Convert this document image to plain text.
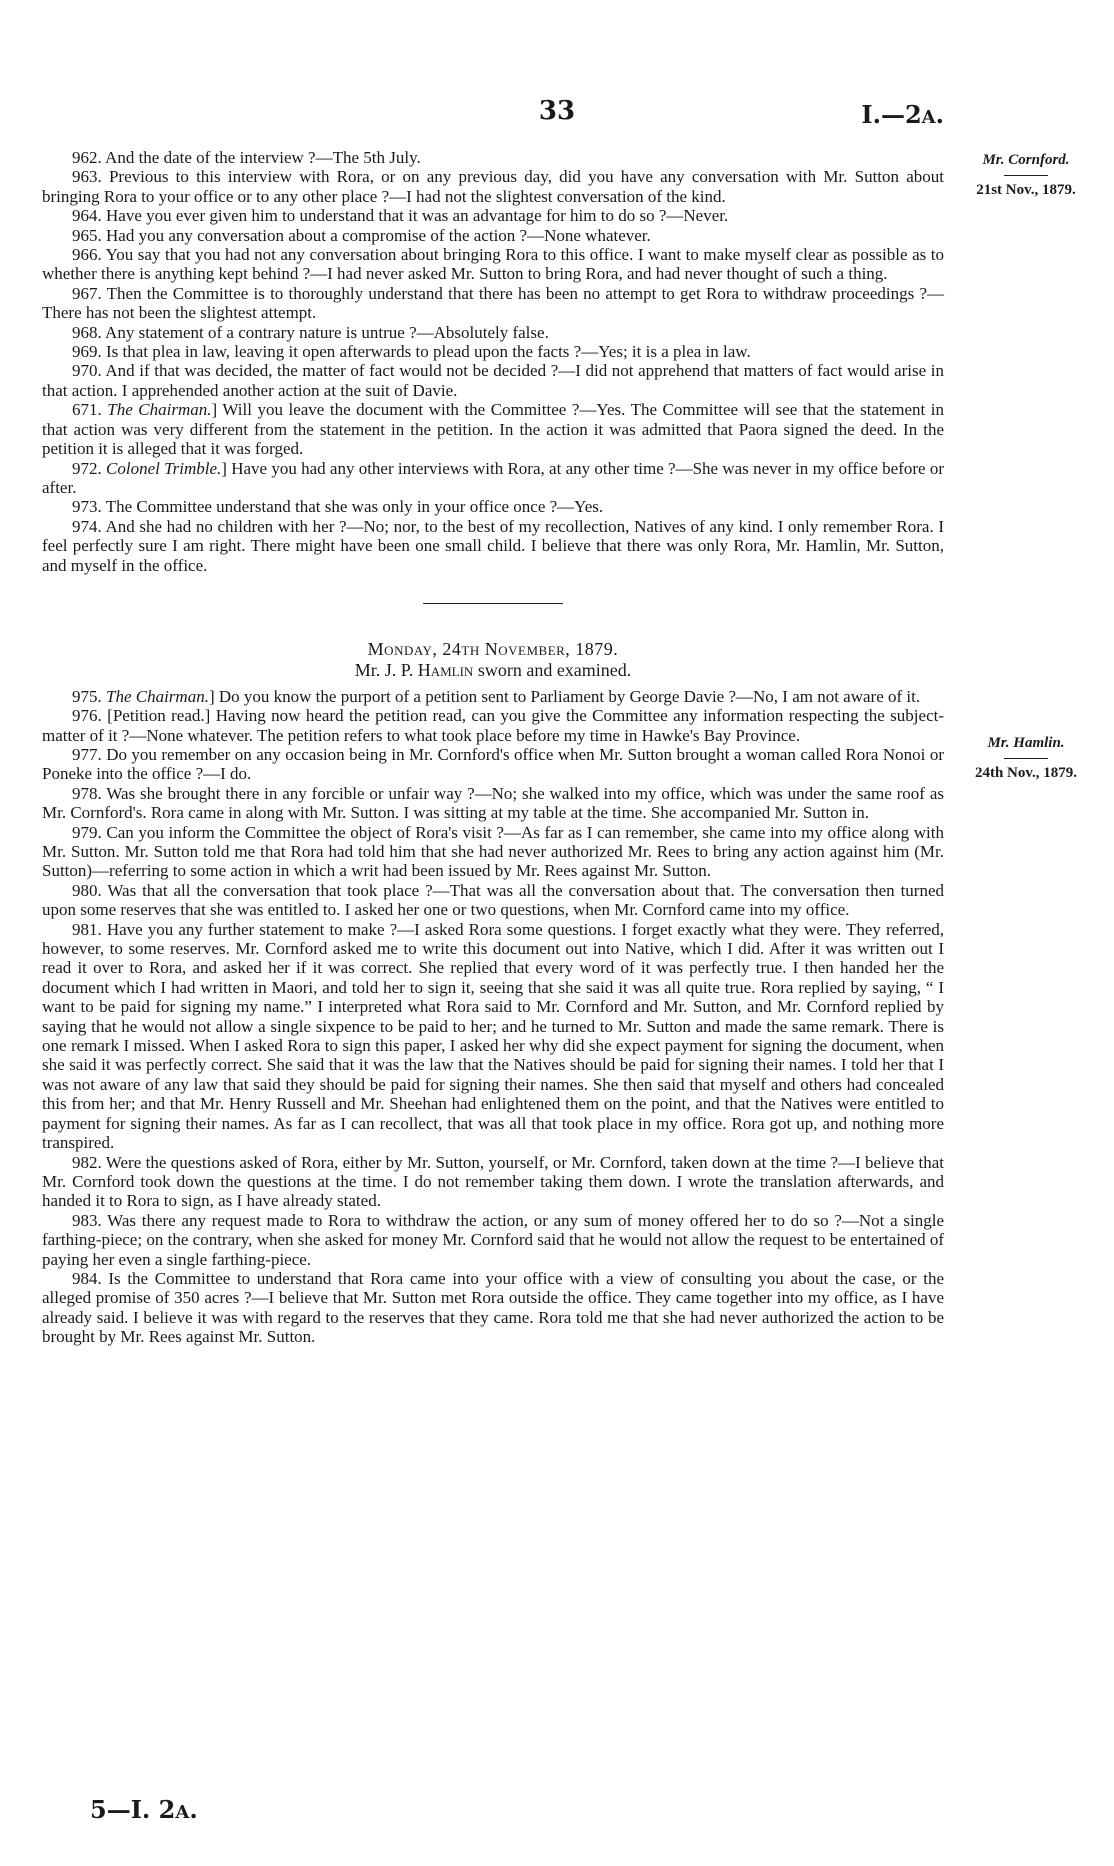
33	I.—2A.
Mr. Cornford.
21st Nov., 1879.
Mr. Hamlin.
24th Nov., 1879.

962. And the date of the interview ?—The 5th July.

963. Previous to this interview with Rora, or on any previous day, did you have any conversation with Mr. Sutton about bringing Rora to your office or to any other place ?—I had not the slightest conversation of the kind.

964. Have you ever given him to understand that it was an advantage for him to do so ?—Never.

965. Had you any conversation about a compromise of the action ?—None whatever.

966. You say that you had not any conversation about bringing Rora to this office. I want to make myself clear as possible as to whether there is anything kept behind ?—I had never asked Mr. Sutton to bring Rora, and had never thought of such a thing.

967. Then the Committee is to thoroughly understand that there has been no attempt to get Rora to withdraw proceedings ?—There has not been the slightest attempt.

968. Any statement of a contrary nature is untrue ?—Absolutely false.

969. Is that plea in law, leaving it open afterwards to plead upon the facts ?—Yes; it is a plea in law.

970. And if that was decided, the matter of fact would not be decided ?—I did not apprehend that matters of fact would arise in that action. I apprehended another action at the suit of Davie.

671. The Chairman.] Will you leave the document with the Committee ?—Yes. The Committee will see that the statement in that action was very different from the statement in the petition. In the action it was admitted that Paora signed the deed. In the petition it is alleged that it was forged.

972. Colonel Trimble.] Have you had any other interviews with Rora, at any other time ?—She was never in my office before or after.

973. The Committee understand that she was only in your office once ?—Yes.

974. And she had no children with her ?—No; nor, to the best of my recollection, Natives of any kind. I only remember Rora. I feel perfectly sure I am right. There might have been one small child. I believe that there was only Rora, Mr. Hamlin, Mr. Sutton, and myself in the office.

Monday, 24th November, 1879.

Mr. J. P. Hamlin sworn and examined.

975. The Chairman.] Do you know the purport of a petition sent to Parliament by George Davie ?—No, I am not aware of it.

976. [Petition read.] Having now heard the petition read, can you give the Committee any information respecting the subject-matter of it ?—None whatever. The petition refers to what took place before my time in Hawke's Bay Province.

977. Do you remember on any occasion being in Mr. Cornford's office when Mr. Sutton brought a woman called Rora Nonoi or Poneke into the office ?—I do.

978. Was she brought there in any forcible or unfair way ?—No; she walked into my office, which was under the same roof as Mr. Cornford's. Rora came in along with Mr. Sutton. I was sitting at my table at the time. She accompanied Mr. Sutton in.

979. Can you inform the Committee the object of Rora's visit ?—As far as I can remember, she came into my office along with Mr. Sutton. Mr. Sutton told me that Rora had told him that she had never authorized Mr. Rees to bring any action against him (Mr. Sutton)—referring to some action in which a writ had been issued by Mr. Rees against Mr. Sutton.

980. Was that all the conversation that took place ?—That was all the conversation about that. The conversation then turned upon some reserves that she was entitled to. I asked her one or two questions, when Mr. Cornford came into my office.

981. Have you any further statement to make ?—I asked Rora some questions. I forget exactly what they were. They referred, however, to some reserves. Mr. Cornford asked me to write this document out into Native, which I did. After it was written out I read it over to Rora, and asked her if it was correct. She replied that every word of it was perfectly true. I then handed her the document which I had written in Maori, and told her to sign it, seeing that she said it was all quite true. Rora replied by saying, “ I want to be paid for signing my name.” I interpreted what Rora said to Mr. Cornford and Mr. Sutton, and Mr. Cornford replied by saying that he would not allow a single sixpence to be paid to her; and he turned to Mr. Sutton and made the same remark. There is one remark I missed. When I asked Rora to sign this paper, I asked her why did she expect payment for signing the document, when she said it was perfectly correct. She said that it was the law that the Natives should be paid for signing their names. I told her that I was not aware of any law that said they should be paid for signing their names. She then said that myself and others had concealed this from her; and that Mr. Henry Russell and Mr. Sheehan had enlightened them on the point, and that the Natives were entitled to payment for signing their names. As far as I can recollect, that was all that took place in my office. Rora got up, and nothing more transpired.

982. Were the questions asked of Rora, either by Mr. Sutton, yourself, or Mr. Cornford, taken down at the time ?—I believe that Mr. Cornford took down the questions at the time. I do not remember taking them down. I wrote the translation afterwards, and handed it to Rora to sign, as I have already stated.

983. Was there any request made to Rora to withdraw the action, or any sum of money offered her to do so ?—Not a single farthing-piece; on the contrary, when she asked for money Mr. Cornford said that he would not allow the request to be entertained of paying her even a single farthing-piece.

984. Is the Committee to understand that Rora came into your office with a view of consulting you about the case, or the alleged promise of 350 acres ?—I believe that Mr. Sutton met Rora outside the office. They came together into my office, as I have already said. I believe it was with regard to the reserves that they came. Rora told me that she had never authorized the action to be brought by Mr. Rees against Mr. Sutton.

5—I. 2A.
